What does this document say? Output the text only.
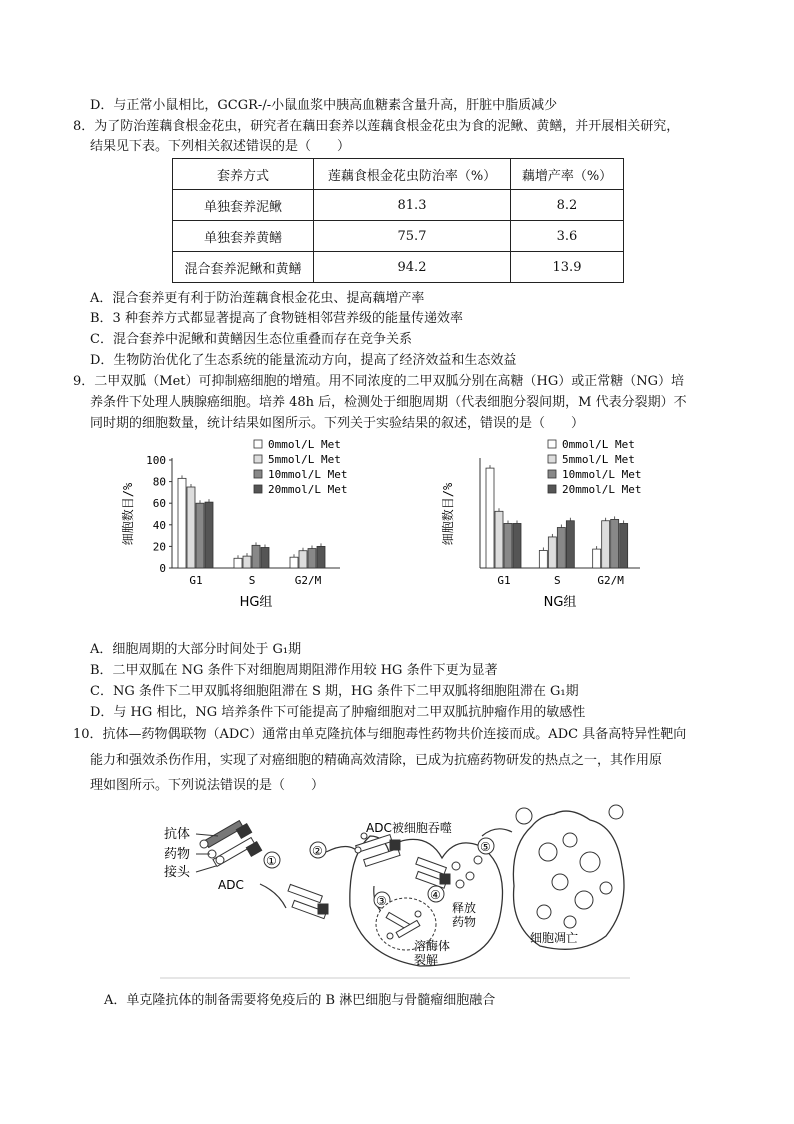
D．与正常小鼠相比，GCGR-/-小鼠血浆中胰高血糖素含量升高，肝脏中脂质减少
8．为了防治莲藕食根金花虫，研究者在藕田套养以莲藕食根金花虫为食的泥鳅、黄鳝，并开展相关研究，
结果见下表。下列相关叙述错误的是（　　）
套养方式	莲藕食根金花虫防治率（%）	藕增产率（%）
单独套养泥鳅	81.3	8.2
单独套养黄鳝	75.7	3.6
混合套养泥鳅和黄鳝	94.2	13.9
A．混合套养更有利于防治莲藕食根金花虫、提高藕增产率
B．3 种套养方式都显著提高了食物链相邻营养级的能量传递效率
C．混合套养中泥鳅和黄鳝因生态位重叠而存在竞争关系
D．生物防治优化了生态系统的能量流动方向，提高了经济效益和生态效益
9．二甲双胍（Met）可抑制癌细胞的增殖。用不同浓度的二甲双胍分别在高糖（HG）或正常糖（NG）培
养条件下处理人胰腺癌细胞。培养 48h 后，检测处于细胞周期（代表细胞分裂间期，M 代表分裂期）不
同时期的细胞数量，统计结果如图所示。下列关于实验结果的叙述，错误的是（　　）
0
20
40
60
80
100
细胞数目/%
G1	S	G2/M
0mmol/L Met
5mmol/L Met
10mmol/L Met
20mmol/L Met
HG组
细胞数目/%
G1	S	G2/M
0mmol/L Met
5mmol/L Met
10mmol/L Met
20mmol/L Met
NG组
A．细胞周期的大部分时间处于 G₁期
B．二甲双胍在 NG 条件下对细胞周期阻滞作用较 HG 条件下更为显著
C．NG 条件下二甲双胍将细胞阻滞在 S 期，HG 条件下二甲双胍将细胞阻滞在 G₁期
D．与 HG 相比，NG 培养条件下可能提高了肿瘤细胞对二甲双胍抗肿瘤作用的敏感性
10．抗体—药物偶联物（ADC）通常由单克隆抗体与细胞毒性药物共价连接而成。ADC 具备高特异性靶向
能力和强效杀伤作用，实现了对癌细胞的精确高效清除，已成为抗癌药物研发的热点之一，其作用原
理如图所示。下列说法错误的是（　　）
抗体
药物
接头
ADC
①
②
ADC被细胞吞噬
③
溶酶体
裂解
④
释放
药物
⑤
细胞凋亡
A．单克隆抗体的制备需要将免疫后的 B 淋巴细胞与骨髓瘤细胞融合
